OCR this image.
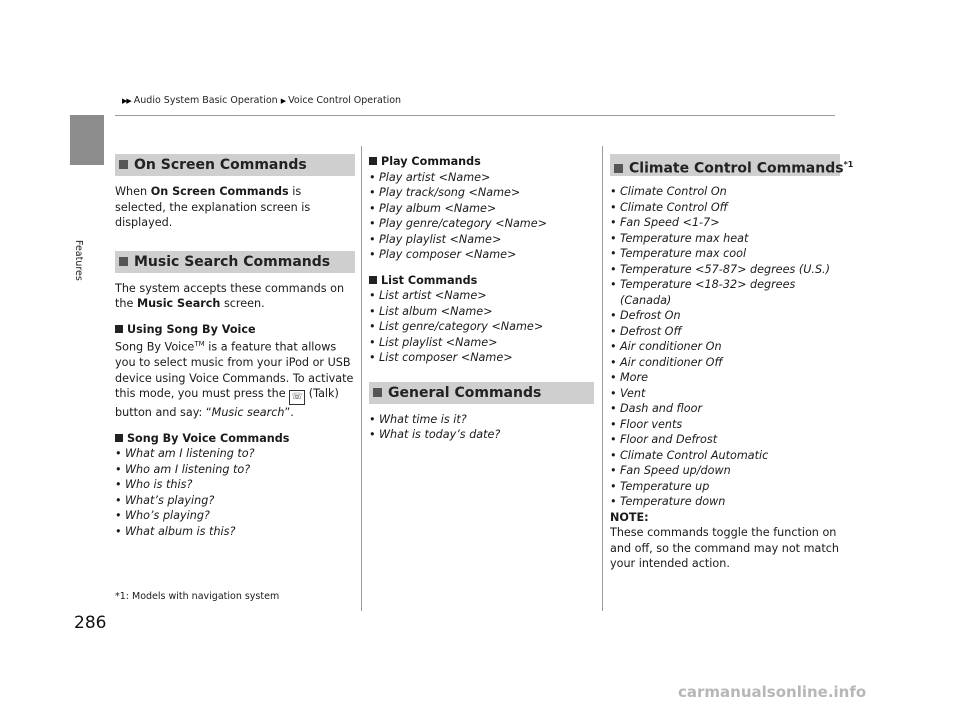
▶▶ Audio System Basic Operation ▶ Voice Control Operation
Features
286
On Screen Commands

When On Screen Commands is selected, the explanation screen is displayed.

Music Search Commands

The system accepts these commands on the Music Search screen.

Using Song By Voice

Song By Voice™ is a feature that allows you to select music from your iPod or USB device using Voice Commands. To activate this mode, you must press the ☏ (Talk) button and say: “Music search”.

Song By Voice Commands
• What am I listening to?
• Who am I listening to?
• Who is this?
• What’s playing?
• Who’s playing?
• What album is this?
*1: Models with navigation system
Play Commands
• Play artist <Name>
• Play track/song <Name>
• Play album <Name>
• Play genre/category <Name>
• Play playlist <Name>
• Play composer <Name>
List Commands
• List artist <Name>
• List album <Name>
• List genre/category <Name>
• List playlist <Name>
• List composer <Name>
General Commands
• What time is it?
• What is today’s date?
Climate Control Commands$^{*1}$
• Climate Control On
• Climate Control Off
• Fan Speed <1-7>
• Temperature max heat
• Temperature max cool
• Temperature <57-87> degrees (U.S.)
• Temperature <18-32> degrees (Canada)
• Defrost On
• Defrost Off
• Air conditioner On
• Air conditioner Off
• More
• Vent
• Dash and floor
• Floor vents
• Floor and Defrost
• Climate Control Automatic
• Fan Speed up/down
• Temperature up
• Temperature down
NOTE:
These commands toggle the function on and off, so the command may not match your intended action.
carmanualsonline.info
